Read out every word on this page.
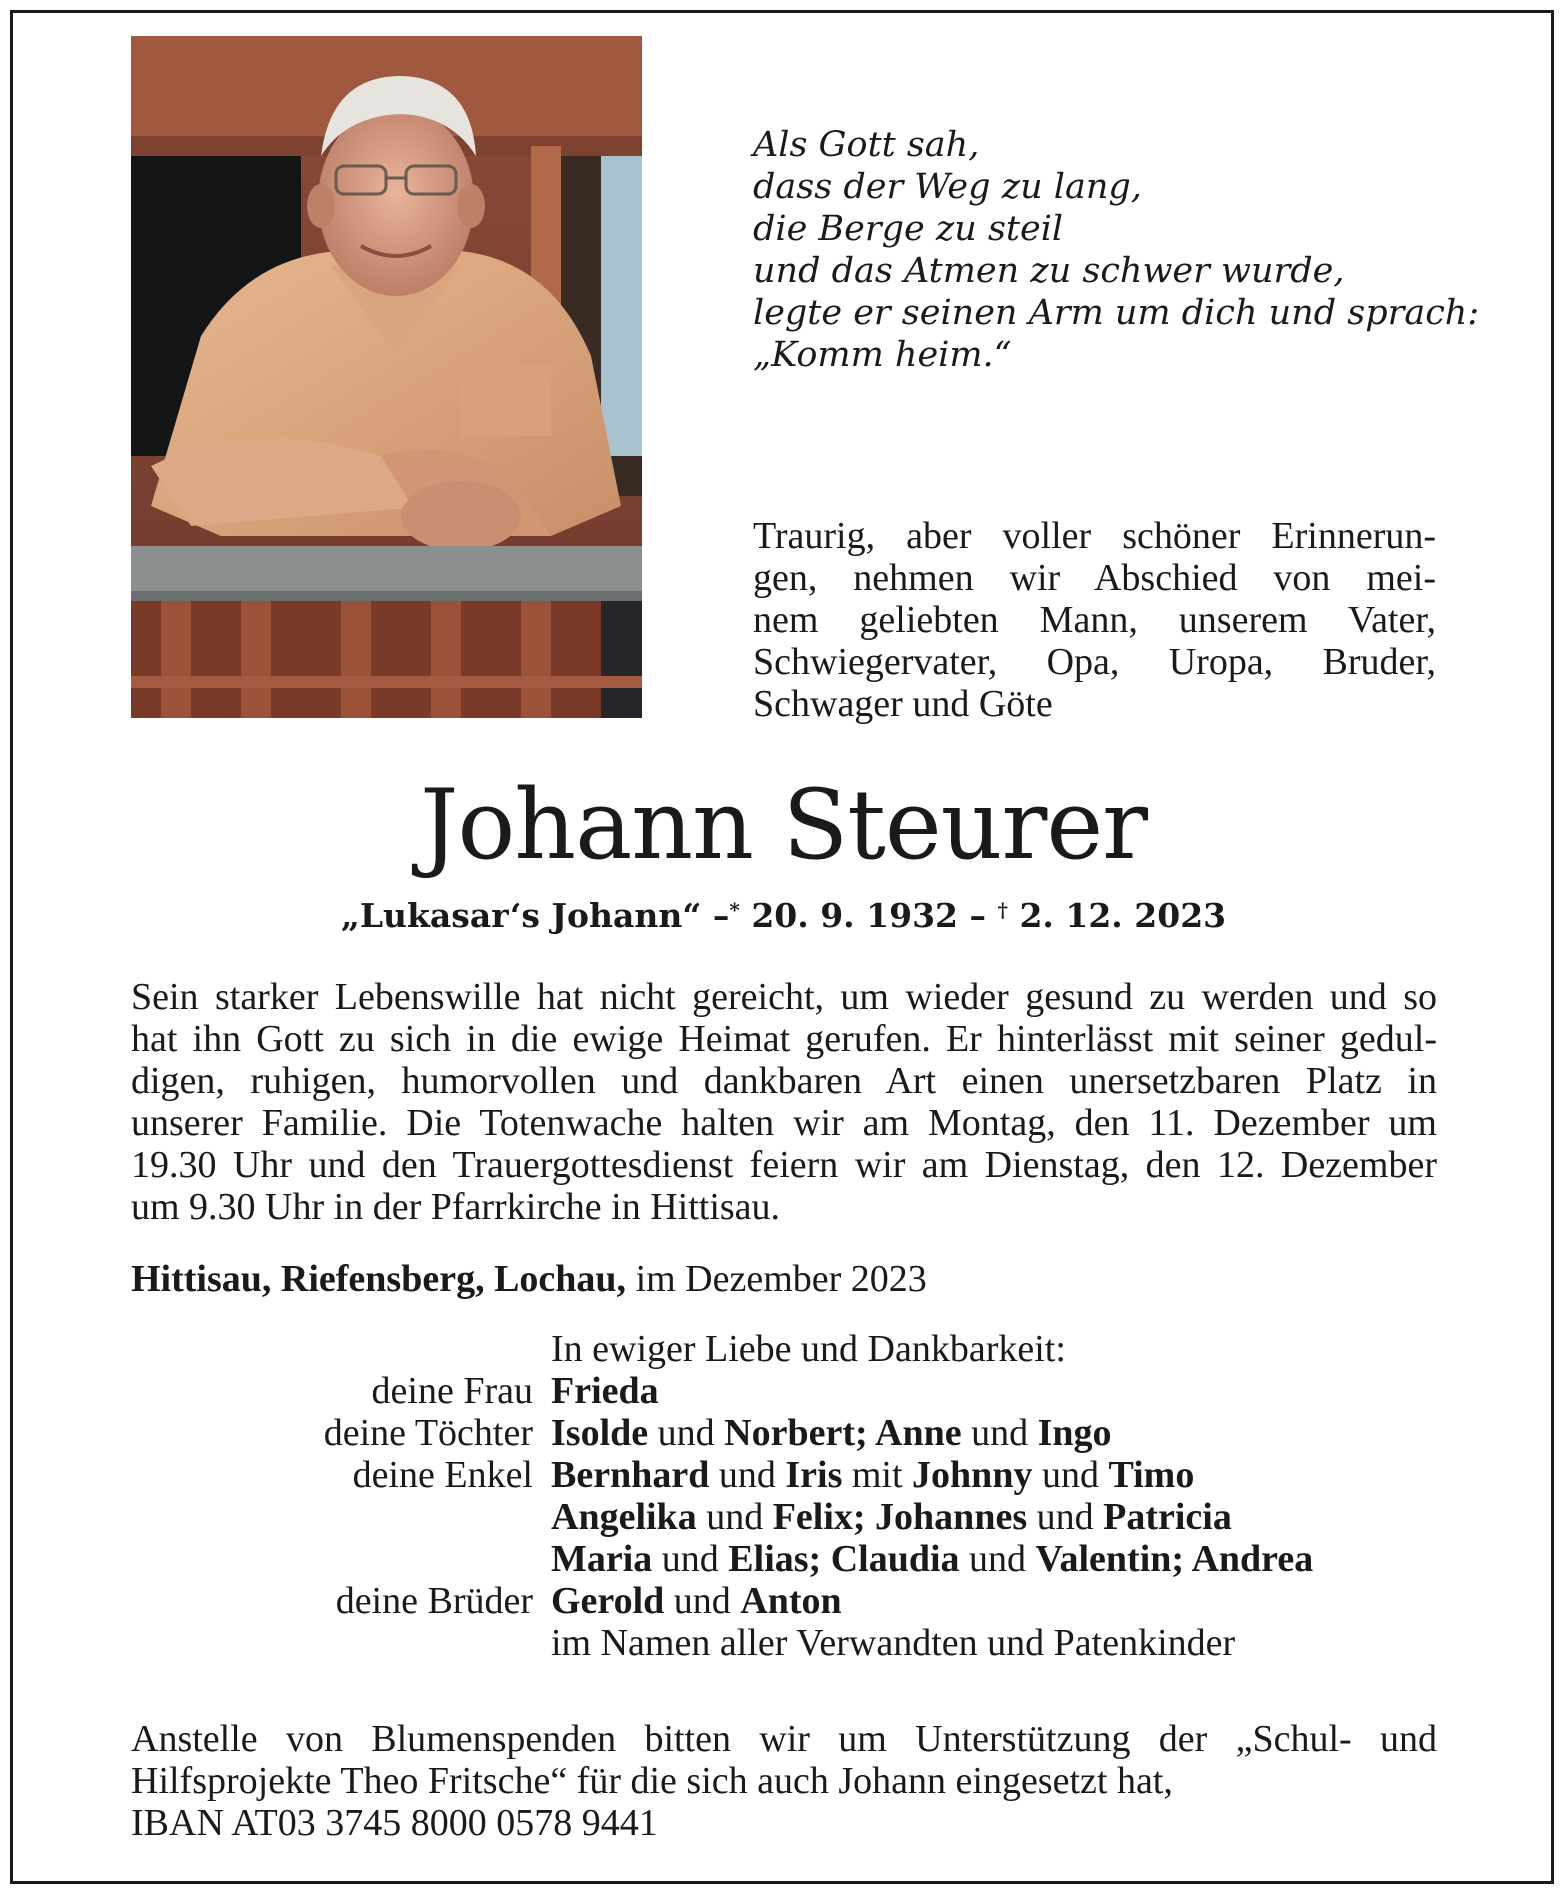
Als Gott sah,
dass der Weg zu lang,
die Berge zu steil
und das Atmen zu schwer wurde,
legte er seinen Arm um dich und sprach:
„Komm heim.“
Traurig, aber voller schöner Erinnerun-
gen, nehmen wir Abschied von mei-
nem geliebten Mann, unserem Vater,
Schwiegervater, Opa, Uropa, Bruder,
Schwager und Göte
Johann Steurer
„Lukasar‘s Johann“ –* 20. 9. 1932 – † 2. 12. 2023
Sein starker Lebenswille hat nicht gereicht, um wieder gesund zu werden und so
hat ihn Gott zu sich in die ewige Heimat gerufen. Er hinterlässt mit seiner gedul-
digen, ruhigen, humorvollen und dankbaren Art einen unersetzbaren Platz in
unserer Familie. Die Totenwache halten wir am Montag, den 11. Dezember um
19.30 Uhr und den Trauergottesdienst feiern wir am Dienstag, den 12. Dezember
um 9.30 Uhr in der Pfarrkirche in Hittisau.
Hittisau, Riefensberg, Lochau, im Dezember 2023
In ewiger Liebe und Dankbarkeit:
deine Frau Frieda
deine Töchter Isolde und Norbert; Anne und Ingo
deine Enkel Bernhard und Iris mit Johnny und Timo
Angelika und Felix; Johannes und Patricia
Maria und Elias; Claudia und Valentin; Andrea
deine Brüder Gerold und Anton
im Namen aller Verwandten und Patenkinder
Anstelle von Blumenspenden bitten wir um Unterstützung der „Schul- und
Hilfsprojekte Theo Fritsche“ für die sich auch Johann eingesetzt hat,
IBAN AT03 3745 8000 0578 9441
